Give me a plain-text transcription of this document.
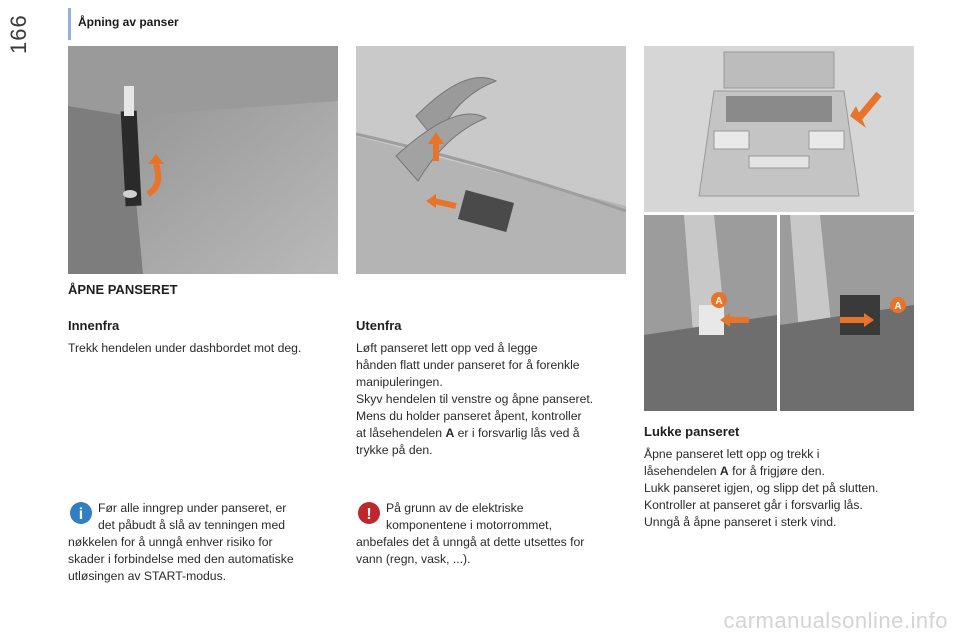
166	Åpning av panser
A	A
ÅPNE PANSERET
Innenfra

Trekk hendelen under dashbordet mot deg.

Utenfra

Løft panseret lett opp ved å legge

hånden flatt under panseret for å forenkle

manipuleringen.

Skyv hendelen til venstre og åpne panseret.

Mens du holder panseret åpent, kontroller

at låsehendelen A er i forsvarlig lås ved å

trykke på den.

Lukke panseret

Åpne panseret lett opp og trekk i

låsehendelen A for å frigjøre den.

Lukk panseret igjen, og slipp det på slutten.

Kontroller at panseret går i forsvarlig lås.

Unngå å åpne panseret i sterk vind.

i	Før alle inngrep under panseret, er
det påbudt å slå av tenningen med
nøkkelen for å unngå enhver risiko for
skader i forbindelse med den automatiske
utløsingen av START-modus.
!	På grunn av de elektriske
komponentene i motorrommet,
anbefales det å unngå at dette utsettes for
vann (regn, vask, ...).
carmanualsonline.info
